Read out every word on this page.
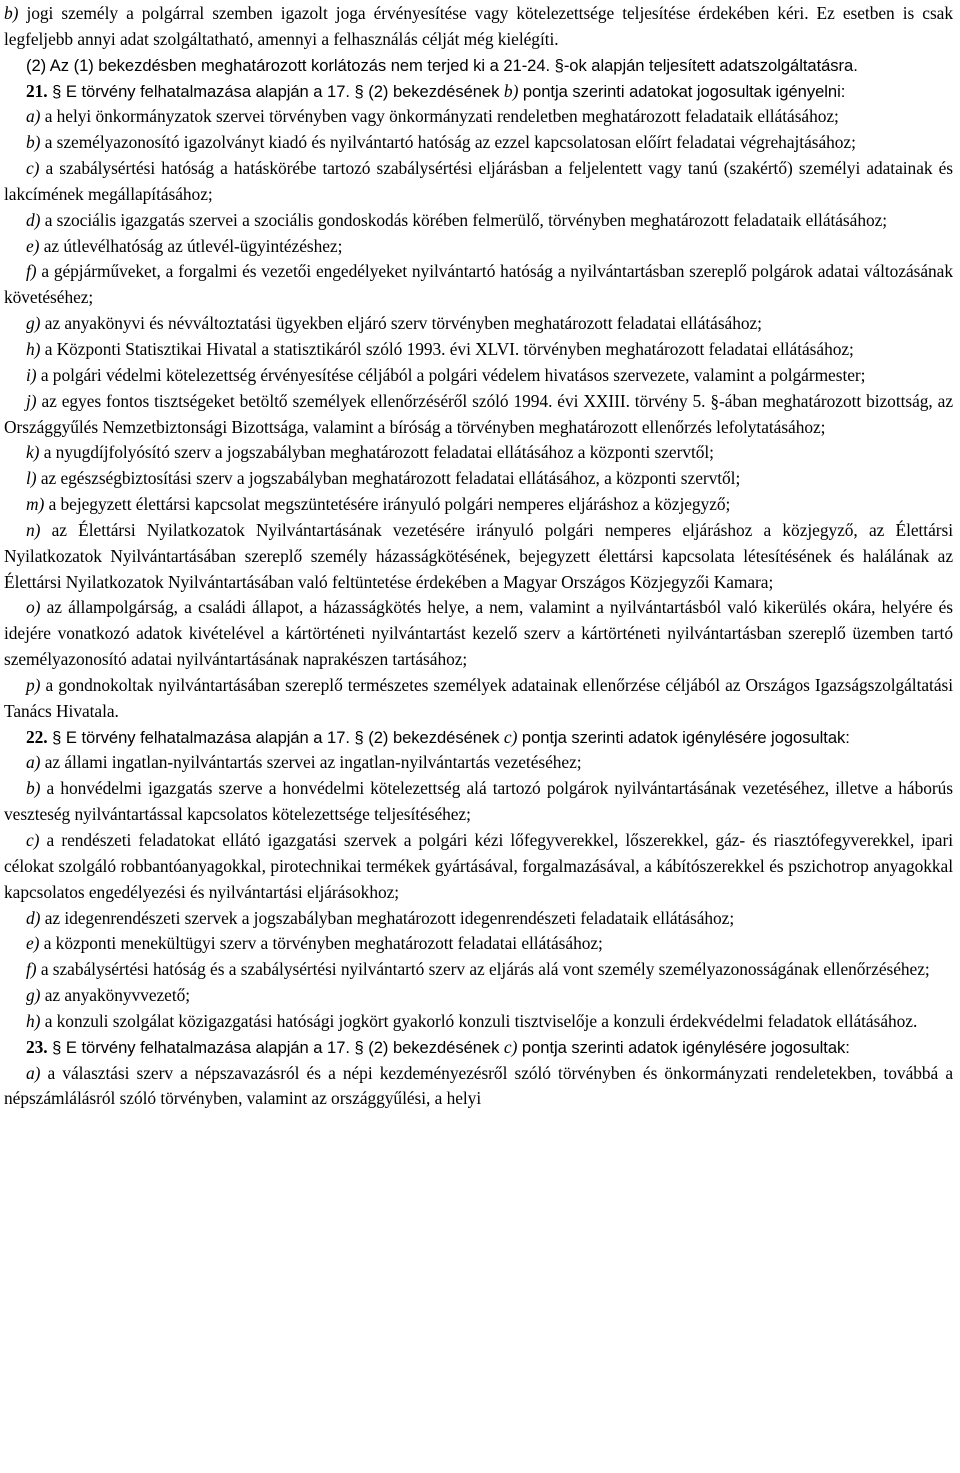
b) jogi személy a polgárral szemben igazolt joga érvényesítése vagy kötelezettsége teljesítése érdekében kéri. Ez esetben is csak legfeljebb annyi adat szolgáltatható, amennyi a felhasználás célját még kielégíti.

(2) Az (1) bekezdésben meghatározott korlátozás nem terjed ki a 21-24. §-ok alapján teljesített adatszolgáltatásra.

21. § E törvény felhatalmazása alapján a 17. § (2) bekezdésének b) pontja szerinti adatokat jogosultak igényelni:

a) a helyi önkormányzatok szervei törvényben vagy önkormányzati rendeletben meghatározott feladataik ellátásához;

b) a személyazonosító igazolványt kiadó és nyilvántartó hatóság az ezzel kapcsolatosan előírt feladatai végrehajtásához;

c) a szabálysértési hatóság a hatáskörébe tartozó szabálysértési eljárásban a feljelentett vagy tanú (szakértő) személyi adatainak és lakcímének megállapításához;

d) a szociális igazgatás szervei a szociális gondoskodás körében felmerülő, törvényben meghatározott feladataik ellátásához;

e) az útlevélhatóság az útlevél-ügyintézéshez;

f) a gépjárműveket, a forgalmi és vezetői engedélyeket nyilvántartó hatóság a nyilvántartásban szereplő polgárok adatai változásának követéséhez;

g) az anyakönyvi és névváltoztatási ügyekben eljáró szerv törvényben meghatározott feladatai ellátásához;

h) a Központi Statisztikai Hivatal a statisztikáról szóló 1993. évi XLVI. törvényben meghatározott feladatai ellátásához;

i) a polgári védelmi kötelezettség érvényesítése céljából a polgári védelem hivatásos szervezete, valamint a polgármester;

j) az egyes fontos tisztségeket betöltő személyek ellenőrzéséről szóló 1994. évi XXIII. törvény 5. §-ában meghatározott bizottság, az Országgyűlés Nemzetbiztonsági Bizottsága, valamint a bíróság a törvényben meghatározott ellenőrzés lefolytatásához;

k) a nyugdíjfolyósító szerv a jogszabályban meghatározott feladatai ellátásához a központi szervtől;

l) az egészségbiztosítási szerv a jogszabályban meghatározott feladatai ellátásához, a központi szervtől;

m) a bejegyzett élettársi kapcsolat megszüntetésére irányuló polgári nemperes eljáráshoz a közjegyző;

n) az Élettársi Nyilatkozatok Nyilvántartásának vezetésére irányuló polgári nemperes eljáráshoz a közjegyző, az Élettársi Nyilatkozatok Nyilvántartásában szereplő személy házasságkötésének, bejegyzett élettársi kapcsolata létesítésének és halálának az Élettársi Nyilatkozatok Nyilvántartásában való feltüntetése érdekében a Magyar Országos Közjegyzői Kamara;

o) az állampolgárság, a családi állapot, a házasságkötés helye, a nem, valamint a nyilvántartásból való kikerülés okára, helyére és idejére vonatkozó adatok kivételével a kártörténeti nyilvántartást kezelő szerv a kártörténeti nyilvántartásban szereplő üzemben tartó személyazonosító adatai nyilvántartásának naprakészen tartásához;

p) a gondnokoltak nyilvántartásában szereplő természetes személyek adatainak ellenőrzése céljából az Országos Igazságszolgáltatási Tanács Hivatala.

22. § E törvény felhatalmazása alapján a 17. § (2) bekezdésének c) pontja szerinti adatok igénylésére jogosultak:

a) az állami ingatlan-nyilvántartás szervei az ingatlan-nyilvántartás vezetéséhez;

b) a honvédelmi igazgatás szerve a honvédelmi kötelezettség alá tartozó polgárok nyilvántartásának vezetéséhez, illetve a háborús veszteség nyilvántartással kapcsolatos kötelezettsége teljesítéséhez;

c) a rendészeti feladatokat ellátó igazgatási szervek a polgári kézi lőfegyverekkel, lőszerekkel, gáz- és riasztófegyverekkel, ipari célokat szolgáló robbantóanyagokkal, pirotechnikai termékek gyártásával, forgalmazásával, a kábítószerekkel és pszichotrop anyagokkal kapcsolatos engedélyezési és nyilvántartási eljárásokhoz;

d) az idegenrendészeti szervek a jogszabályban meghatározott idegenrendészeti feladataik ellátásához;

e) a központi menekültügyi szerv a törvényben meghatározott feladatai ellátásához;

f) a szabálysértési hatóság és a szabálysértési nyilvántartó szerv az eljárás alá vont személy személyazonosságának ellenőrzéséhez;

g) az anyakönyvvezető;

h) a konzuli szolgálat közigazgatási hatósági jogkört gyakorló konzuli tisztviselője a konzuli érdekvédelmi feladatok ellátásához.

23. § E törvény felhatalmazása alapján a 17. § (2) bekezdésének c) pontja szerinti adatok igénylésére jogosultak:

a) a választási szerv a népszavazásról és a népi kezdeményezésről szóló törvényben és önkormányzati rendeletekben, továbbá a népszámlálásról szóló törvényben, valamint az országgyűlési, a helyi
